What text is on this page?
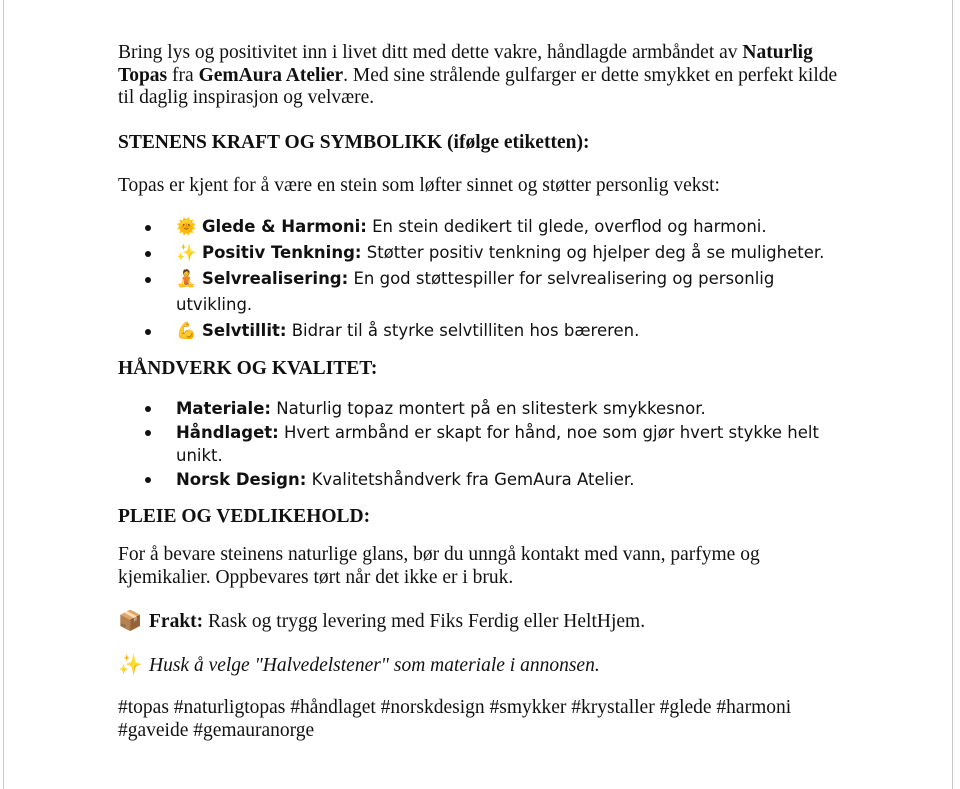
Bring lys og positivitet inn i livet ditt med dette vakre, håndlagde armbåndet av Naturlig Topas fra GemAura Atelier. Med sine strålende gulfarger er dette smykket en perfekt kilde til daglig inspirasjon og velvære.

STENENS KRAFT OG SYMBOLIKK (ifølge etiketten):

Topas er kjent for å være en stein som løfter sinnet og støtter personlig vekst:

🌞 Glede & Harmoni: En stein dedikert til glede, overflod og harmoni.
✨ Positiv Tenkning: Støtter positiv tenkning og hjelper deg å se muligheter.
🧘 Selvrealisering: En god støttespiller for selvrealisering og personlig utvikling.
💪 Selvtillit: Bidrar til å styrke selvtilliten hos bæreren.
HÅNDVERK OG KVALITET:
Materiale: Naturlig topaz montert på en slitesterk smykkesnor.
Håndlaget: Hvert armbånd er skapt for hånd, noe som gjør hvert stykke helt unikt.
Norsk Design: Kvalitetshåndverk fra GemAura Atelier.
PLEIE OG VEDLIKEHOLD:

For å bevare steinens naturlige glans, bør du unngå kontakt med vann, parfyme og kjemikalier. Oppbevares tørt når det ikke er i bruk.

📦 Frakt: Rask og trygg levering med Fiks Ferdig eller HeltHjem.

✨ Husk å velge "Halvedelstener" som materiale i annonsen.

#topas #naturligtopas #håndlaget #norskdesign #smykker #krystaller #glede #harmoni #gaveide #gemauranorge
